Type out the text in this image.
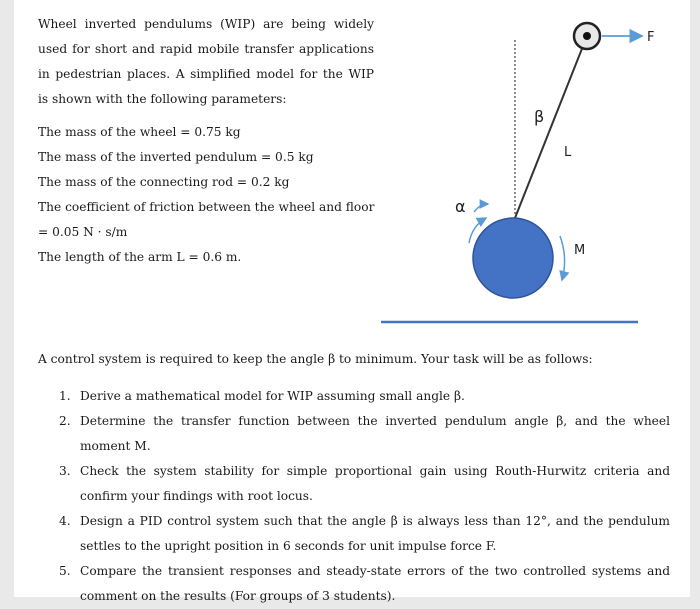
Wheel inverted pendulums (WIP) are being widely used for short and rapid mobile transfer applications in pedestrian places. A simplified model for the WIP is shown with the following parameters:

The mass of the wheel = 0.75 kg
The mass of the inverted pendulum = 0.5 kg
The mass of the connecting rod = 0.2 kg
The coefficient of friction between the wheel and floor
= 0.05 N · s/m
The length of the arm L = 0.6 m.
F
β
L
α
M
A control system is required to keep the angle β to minimum. Your task will be as follows:
1. Derive a mathematical model for WIP assuming small angle β.
2. Determine the transfer function between the inverted pendulum angle β, and the wheel moment M.
3. Check the system stability for simple proportional gain using Routh-Hurwitz criteria and confirm your findings with root locus.
4. Design a PID control system such that the angle β is always less than 12°, and the pendulum settles to the upright position in 6 seconds for unit impulse force F.
5. Compare the transient responses and steady-state errors of the two controlled systems and comment on the results (For groups of 3 students).
